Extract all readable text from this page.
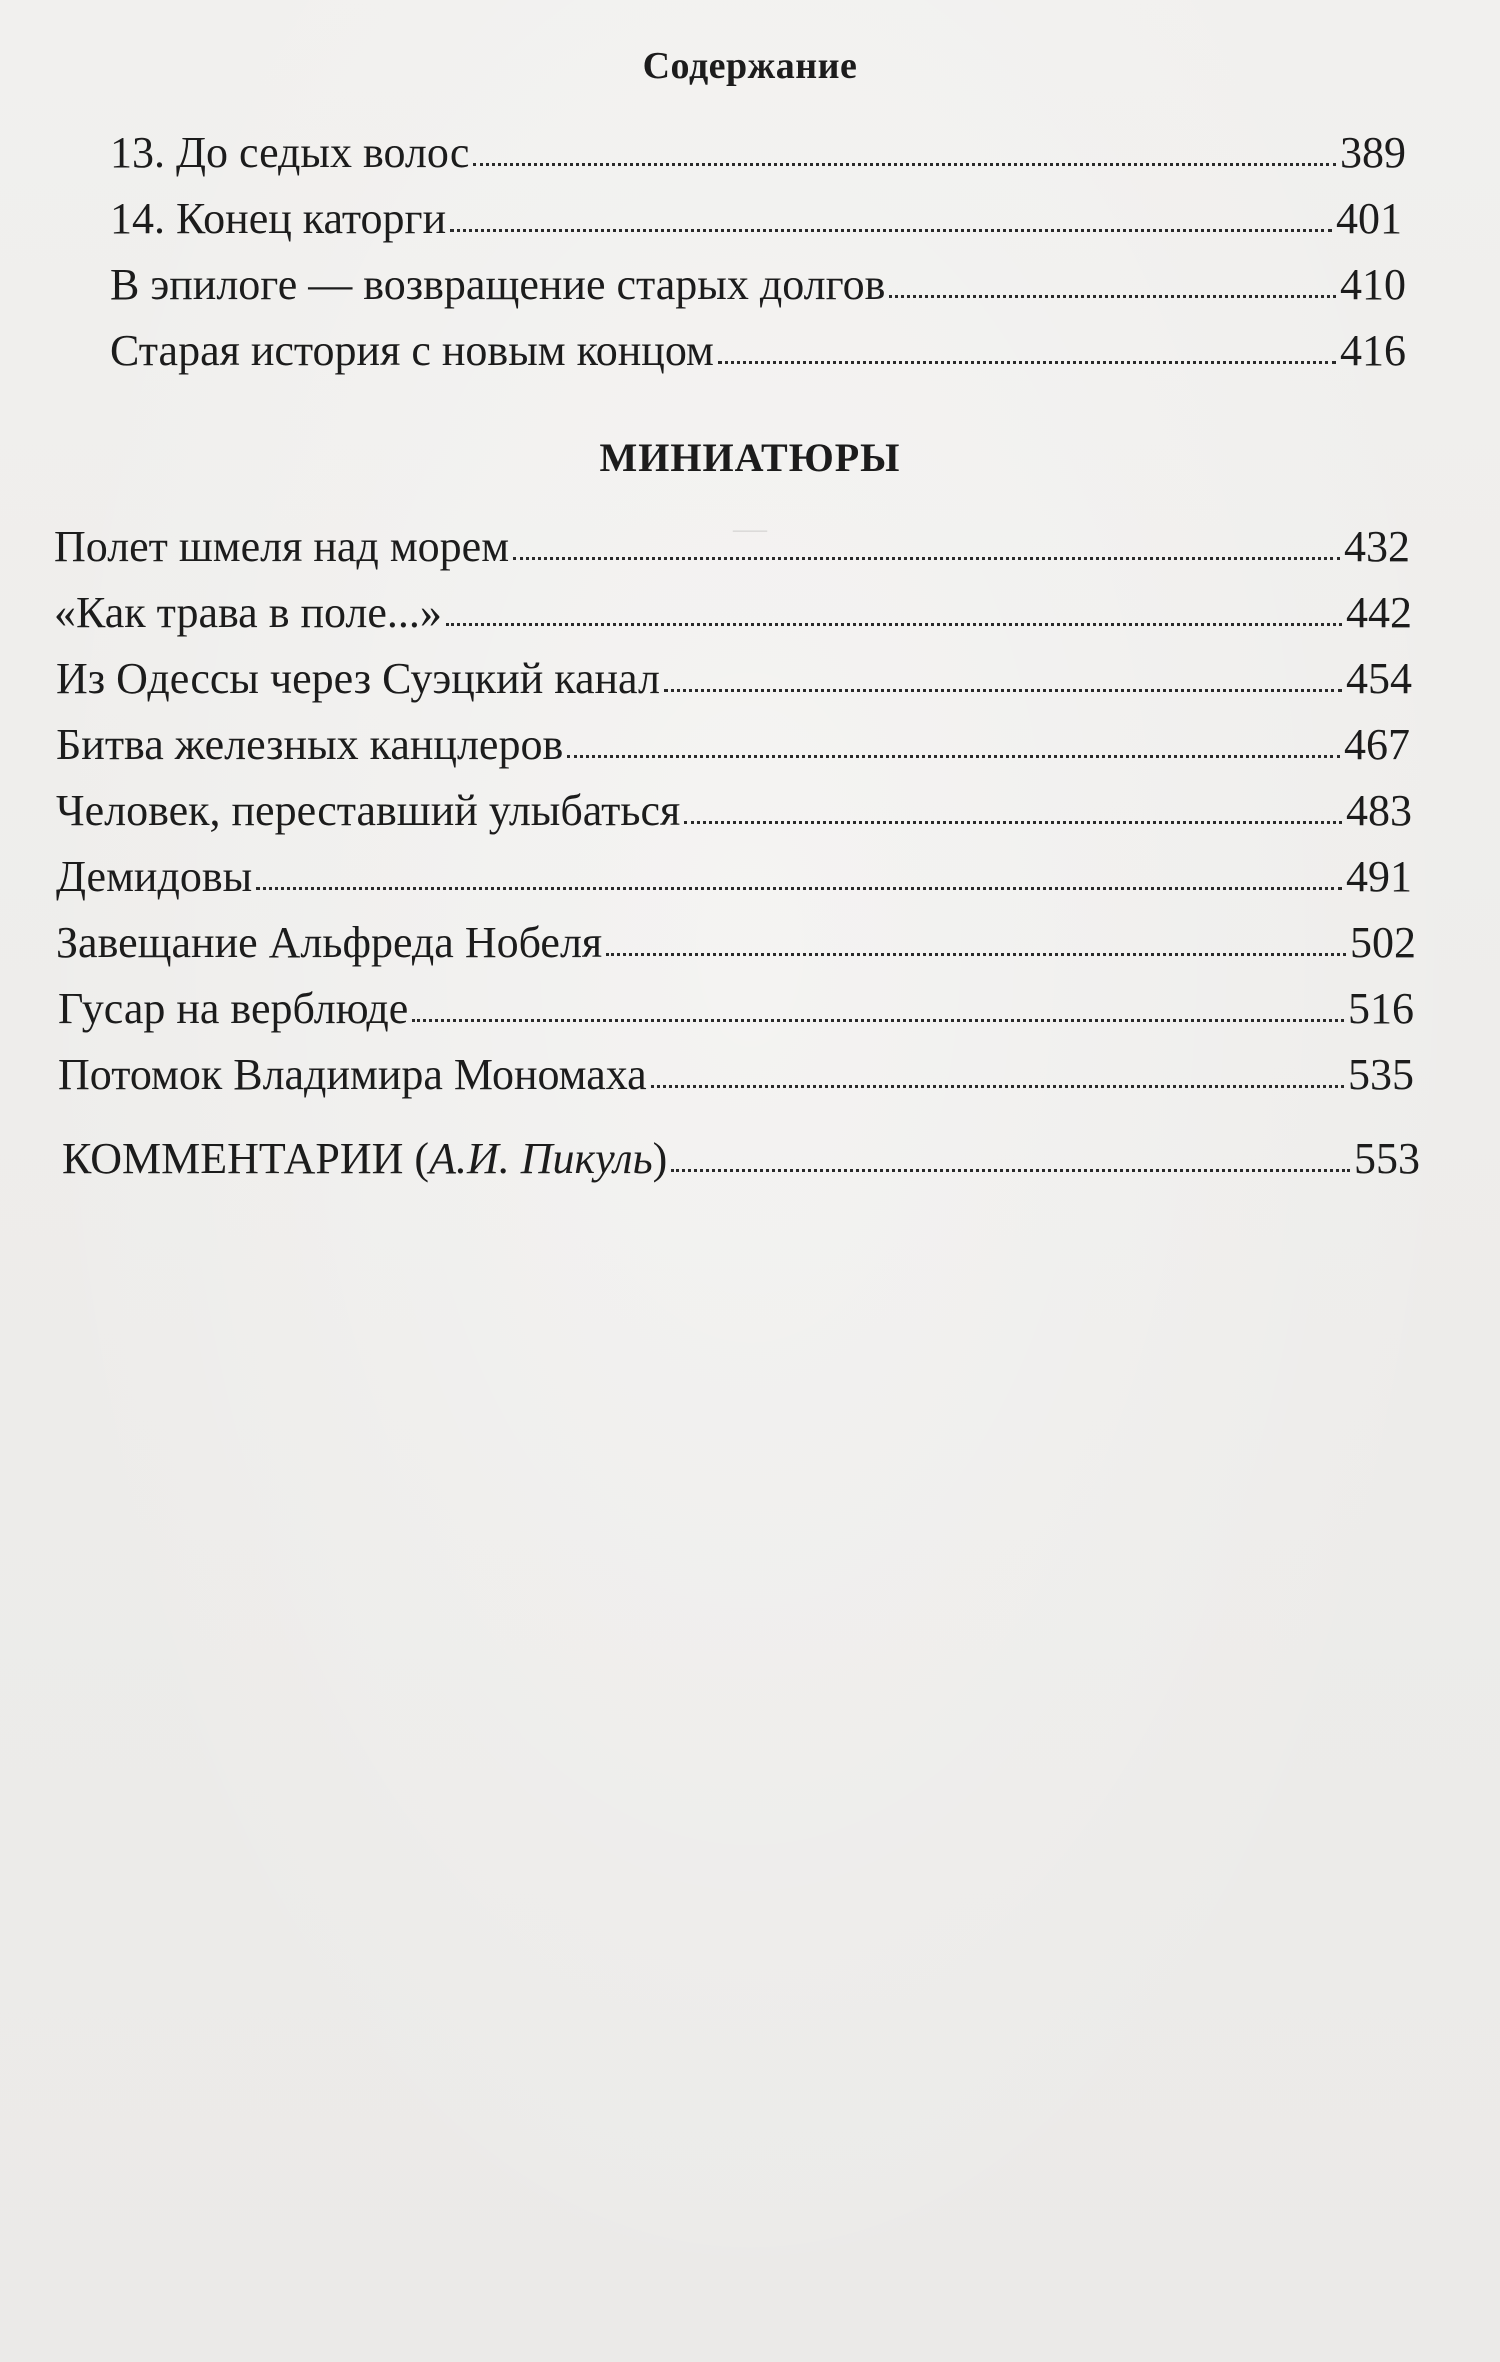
—
Содержание
13. До седых волос	389
14. Конец каторги	401
В эпилоге — возвращение старых долгов	410
Старая история с новым концом	416
МИНИАТЮРЫ
Полет шмеля над морем	432
«Как трава в поле...»	442
Из Одессы через Суэцкий канал	454
Битва железных канцлеров	467
Человек, переставший улыбаться	483
Демидовы	491
Завещание Альфреда Нобеля	502
Гусар на верблюде	516
Потомок Владимира Мономаха	535
КОММЕНТАРИИ (А.И. Пикуль)	553
